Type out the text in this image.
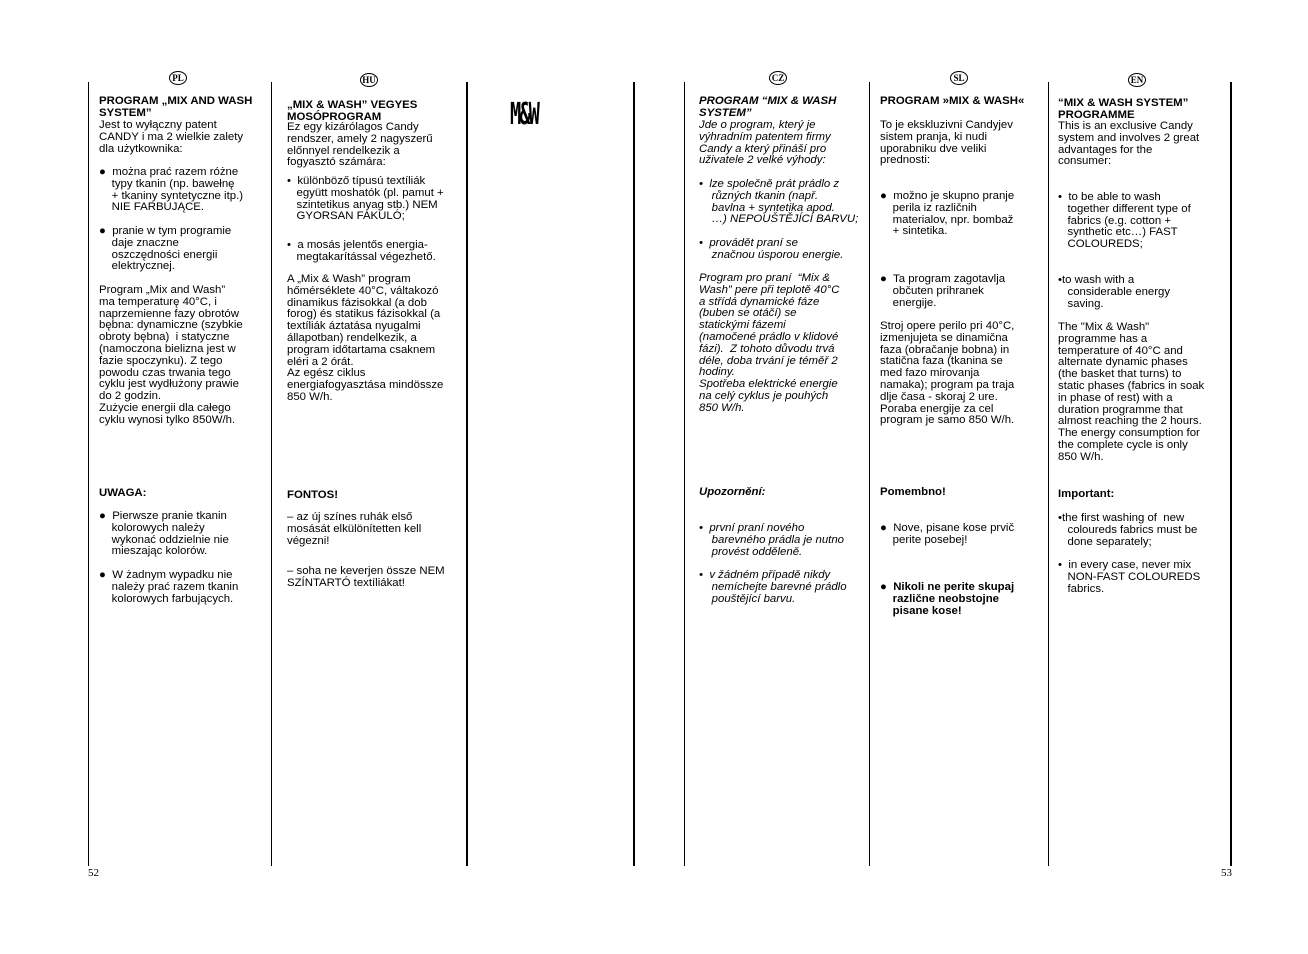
PL	HU	CZ	SL	EN
M&W
PROGRAM „MIX AND WASH
SYSTEM”
Jest to wyłączny patent
CANDY i ma 2 wielkie zalety
dla użytkownika:
●  można prać razem różne
typy tkanin (np. bawełnę
+ tkaniny syntetyczne itp.)
NIE FARBUJĄCE.
●  pranie w tym programie
daje znaczne
oszczędności energii
elektrycznej.
Program „Mix and Wash”
ma temperaturę 40°C, i
naprzemienne fazy obrotów
bębna: dynamiczne (szybkie
obroty bębna)  i statyczne
(namoczona bielizna jest w
fazie spoczynku). Z tego
powodu czas trwania tego
cyklu jest wydłużony prawie
do 2 godzin.
Zużycie energii dla całego
cyklu wynosi tylko 850W/h.
UWAGA:
●  Pierwsze pranie tkanin
kolorowych należy
wykonać oddzielnie nie
mieszając kolorów.
●  W żadnym wypadku nie
należy prać razem tkanin
kolorowych farbujących.
„MIX & WASH” VEGYES
MOSÓPROGRAM
Ez egy kizárólagos Candy
rendszer, amely 2 nagyszerű
előnnyel rendelkezik a
fogyasztó számára:
•  különböző típusú textíliák
együtt moshatók (pl. pamut +
szintetikus anyag stb.) NEM
GYORSAN FAKULÓ;
•  a mosás jelentős energia-
megtakarítással végezhető.
A „Mix & Wash” program
hőmérséklete 40°C, váltakozó
dinamikus fázisokkal (a dob
forog) és statikus fázisokkal (a
textíliák áztatása nyugalmi
állapotban) rendelkezik, a
program időtartama csaknem
eléri a 2 órát.
Az egész ciklus
energiafogyasztása mindössze
850 W/h.
FONTOS!
– az új színes ruhák első
mosását elkülönítetten kell
végezni!
– soha ne keverjen össze NEM
SZÍNTARTÓ textíliákat!
PROGRAM “MIX & WASH
SYSTEM”
Jde o program, který je
výhradním patentem firmy
Candy a který přináší pro
uživatele 2 velké výhody:
•  lze společně prát prádlo z
různých tkanin (např.
bavlna + syntetika apod.
…) NEPOUŠTĚJÍCÍ BARVU;
•  provádět praní se
značnou úsporou energie.
Program pro praní  “Mix &
Wash” pere při teplotě 40°C
a střídá dynamické fáze
(buben se otáčí) se
statickými fázemi
(namočené prádlo v klidové
fázi).  Z tohoto důvodu trvá
déle, doba trvání je téměř 2
hodiny.
Spotřeba elektrické energie
na celý cyklus je pouhých
850 W/h.
Upozornění:
•  první praní nového
barevného prádla je nutno
provést odděleně.
•  v žádném případě nikdy
nemíchejte barevné prádlo
pouštějící barvu.
PROGRAM »MIX & WASH«
To je ekskluzivni Candyjev
sistem pranja, ki nudi
uporabniku dve veliki
prednosti:
●  možno je skupno pranje
perila iz različnih
materialov, npr. bombaž
+ sintetika.
●  Ta program zagotavlja
občuten prihranek
energije.
Stroj opere perilo pri 40°C,
izmenjujeta se dinamična
faza (obračanje bobna) in
statična faza (tkanina se
med fazo mirovanja
namaka); program pa traja
dlje časa - skoraj 2 ure.
Poraba energije za cel
program je samo 850 W/h.
Pomembno!
●  Nove, pisane kose prvič
perite posebej!
●  Nikoli ne perite skupaj
različne neobstojne
pisane kose!
“MIX & WASH SYSTEM”
PROGRAMME
This is an exclusive Candy
system and involves 2 great
advantages for the
consumer:
•  to be able to wash
together different type of
fabrics (e.g. cotton +
synthetic etc…) FAST
COLOUREDS;
•to wash with a
considerable energy
saving.
The "Mix & Wash"
programme has a
temperature of 40°C and
alternate dynamic phases
(the basket that turns) to
static phases (fabrics in soak
in phase of rest) with a
duration programme that
almost reaching the 2 hours.
The energy consumption for
the complete cycle is only
850 W/h.
Important:
•the first washing of  new
coloureds fabrics must be
done separately;
•  in every case, never mix
NON-FAST COLOUREDS
fabrics.
52	53
